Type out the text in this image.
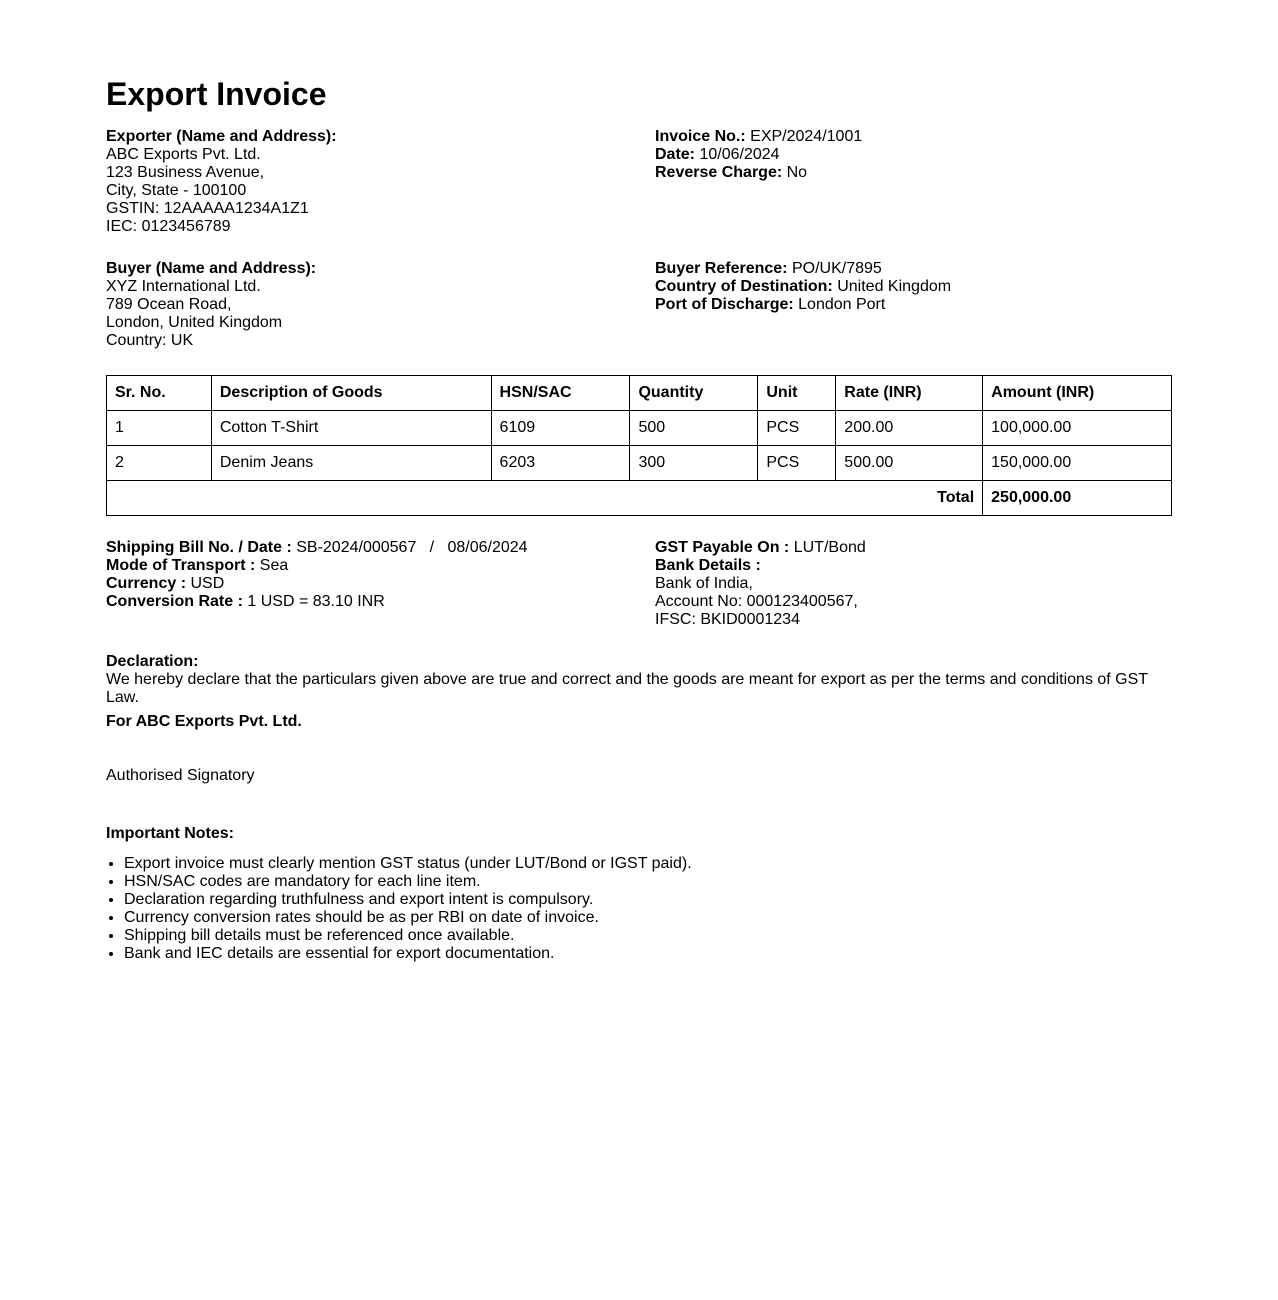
Export Invoice
Exporter (Name and Address):
ABC Exports Pvt. Ltd.
123 Business Avenue,
City, State - 100100
GSTIN: 12AAAAA1234A1Z1
IEC: 0123456789
Invoice No.: EXP/2024/1001
Date: 10/06/2024
Reverse Charge: No
Buyer (Name and Address):
XYZ International Ltd.
789 Ocean Road,
London, United Kingdom
Country: UK
Buyer Reference: PO/UK/7895
Country of Destination: United Kingdom
Port of Discharge: London Port
Sr. No.	Description of Goods	HSN/SAC	Quantity	Unit	Rate (INR)	Amount (INR)
1	Cotton T-Shirt	6109	500	PCS	200.00	100,000.00
2	Denim Jeans	6203	300	PCS	500.00	150,000.00
Total						250,000.00
Shipping Bill No. / Date : SB-2024/000567   /   08/06/2024
Mode of Transport : Sea
Currency : USD
Conversion Rate : 1 USD = 83.10 INR
GST Payable On : LUT/Bond
Bank Details :
Bank of India,
Account No: 000123400567,
IFSC: BKID0001234
Declaration:
We hereby declare that the particulars given above are true and correct and the goods are meant for export as per the terms and conditions of GST Law.
For ABC Exports Pvt. Ltd.
Authorised Signatory
Important Notes:
• Export invoice must clearly mention GST status (under LUT/Bond or IGST paid).
• HSN/SAC codes are mandatory for each line item.
• Declaration regarding truthfulness and export intent is compulsory.
• Currency conversion rates should be as per RBI on date of invoice.
• Shipping bill details must be referenced once available.
• Bank and IEC details are essential for export documentation.
